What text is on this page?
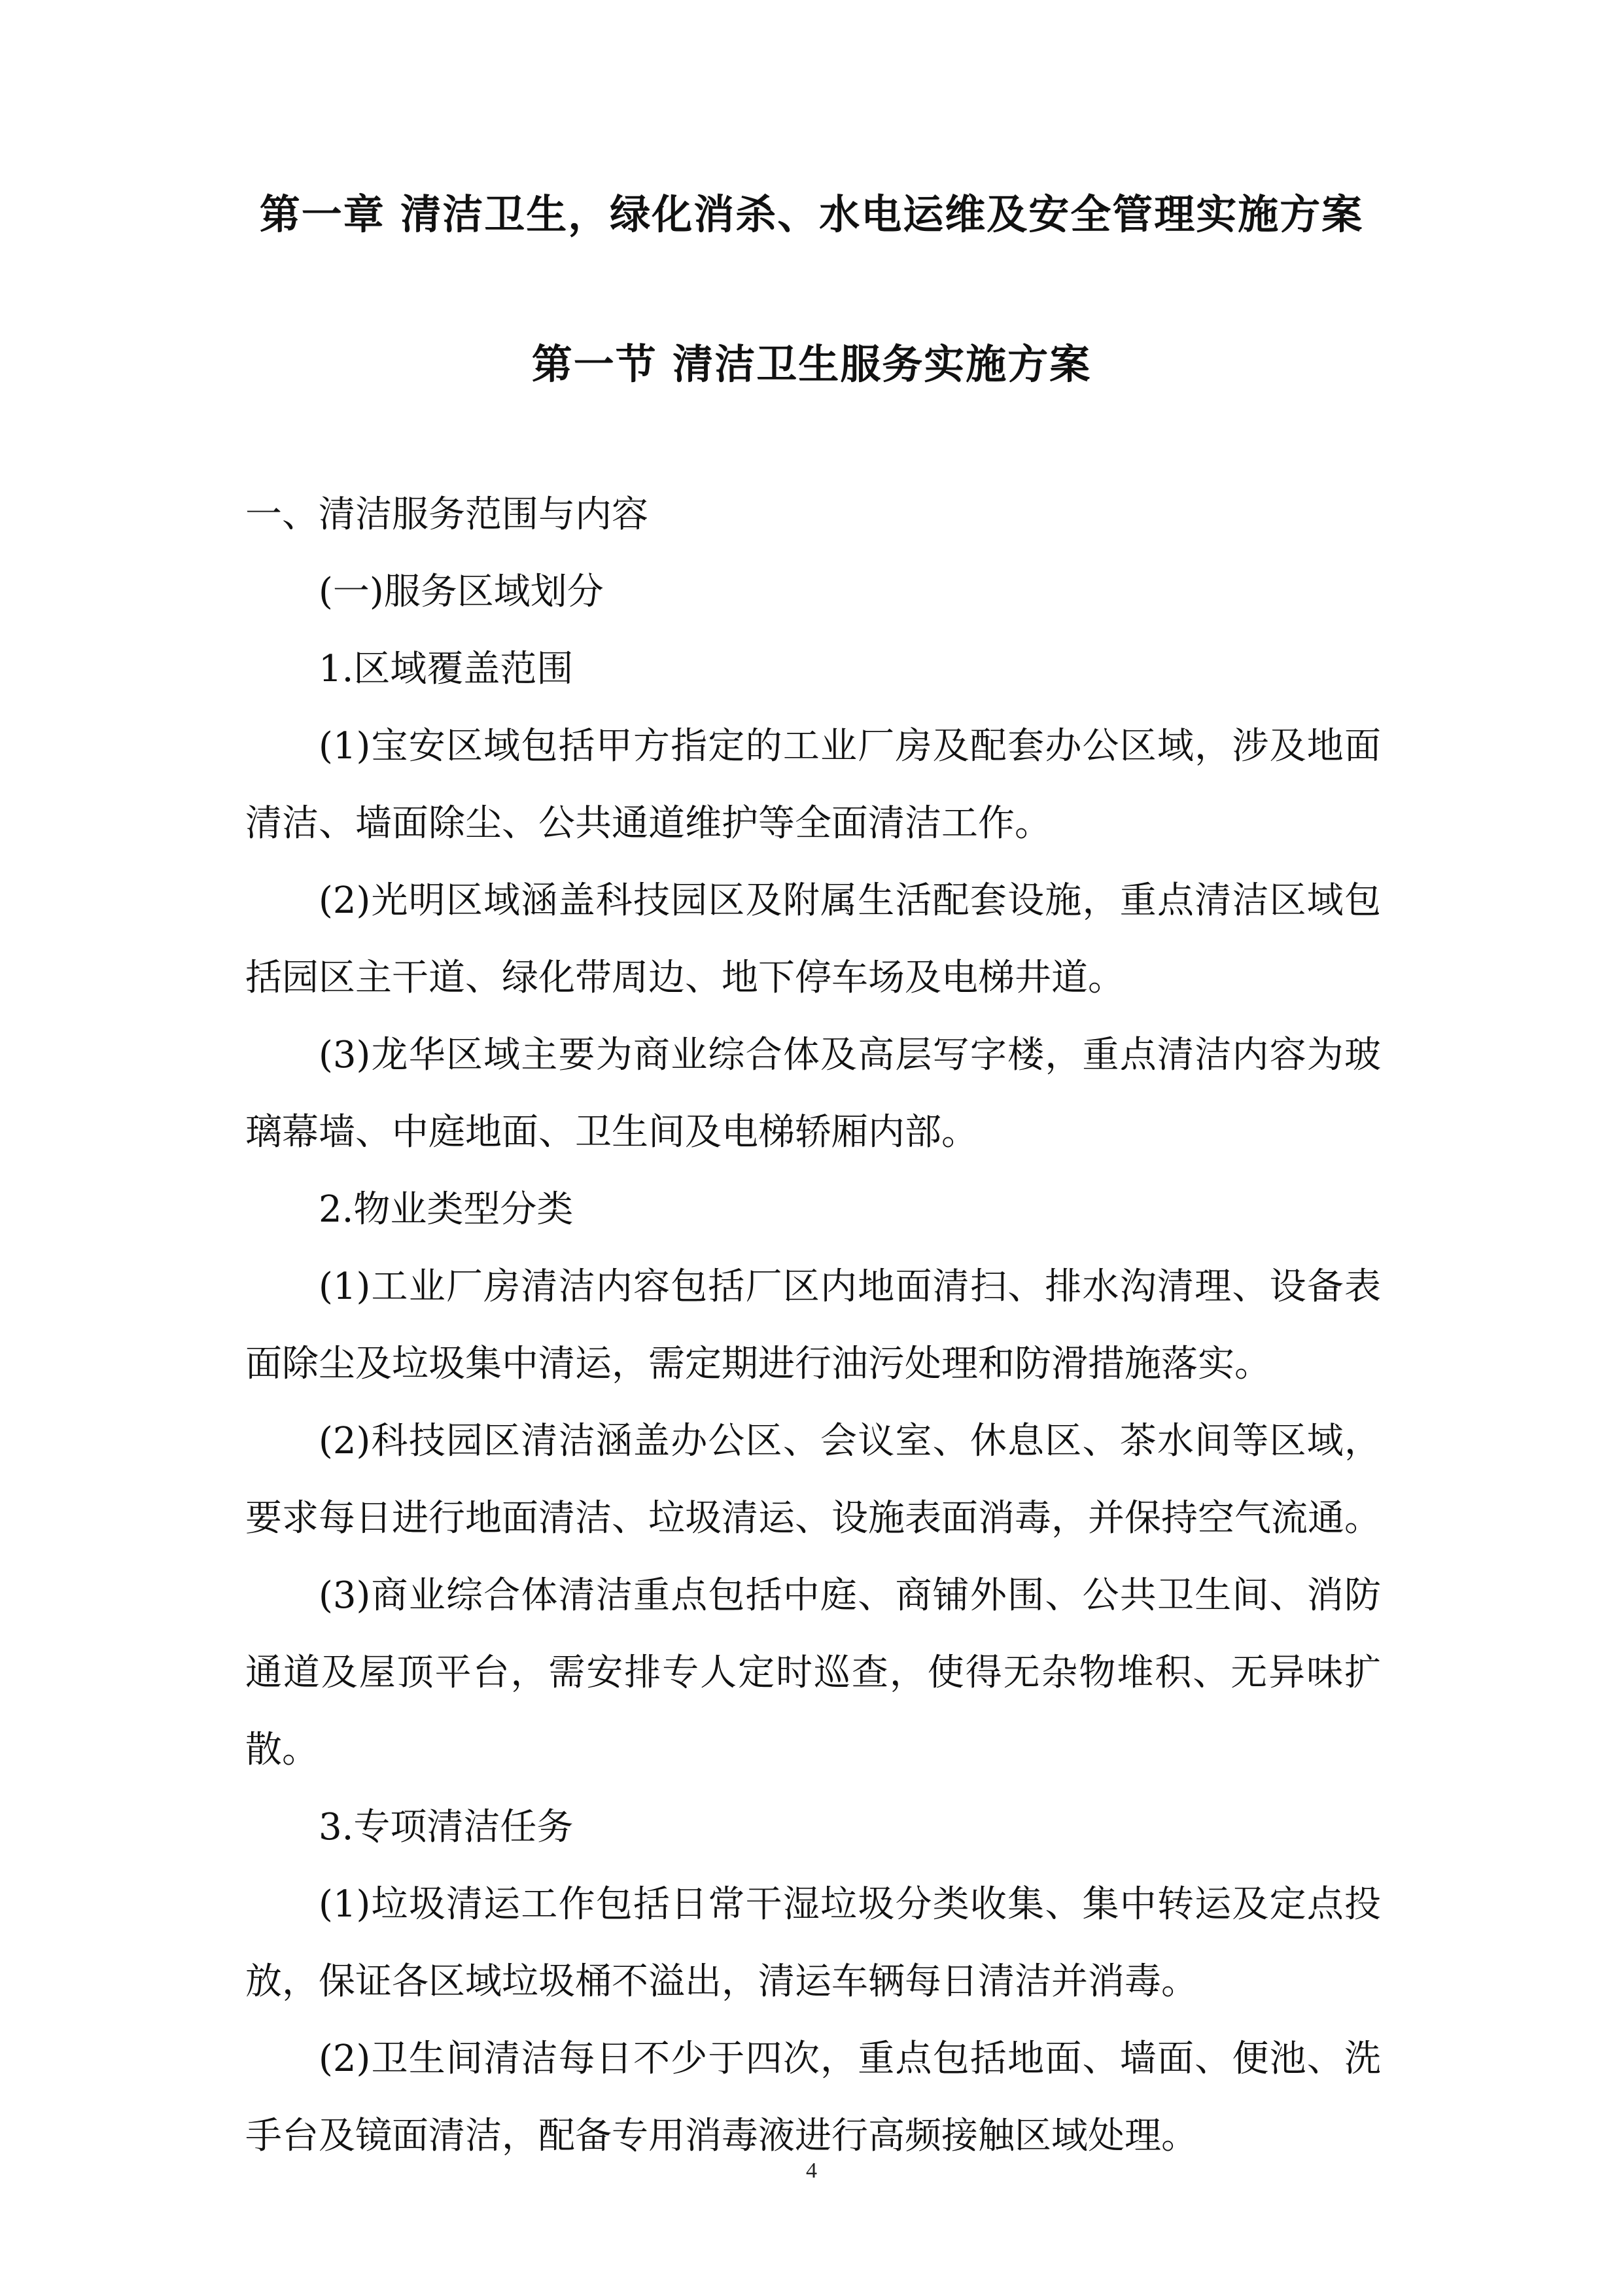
第一章 清洁卫生，绿化消杀、水电运维及安全管理实施方案
第一节 清洁卫生服务实施方案

一、清洁服务范围与内容

(一)服务区域划分

1.区域覆盖范围

(1)宝安区域包括甲方指定的工业厂房及配套办公区域，涉及地面清洁、墙面除尘、公共通道维护等全面清洁工作。

(2)光明区域涵盖科技园区及附属生活配套设施，重点清洁区域包括园区主干道、绿化带周边、地下停车场及电梯井道。

(3)龙华区域主要为商业综合体及高层写字楼，重点清洁内容为玻璃幕墙、中庭地面、卫生间及电梯轿厢内部。

2.物业类型分类

(1)工业厂房清洁内容包括厂区内地面清扫、排水沟清理、设备表面除尘及垃圾集中清运，需定期进行油污处理和防滑措施落实。

(2)科技园区清洁涵盖办公区、会议室、休息区、茶水间等区域，要求每日进行地面清洁、垃圾清运、设施表面消毒，并保持空气流通。

(3)商业综合体清洁重点包括中庭、商铺外围、公共卫生间、消防通道及屋顶平台，需安排专人定时巡查，使得无杂物堆积、无异味扩散。

3.专项清洁任务

(1)垃圾清运工作包括日常干湿垃圾分类收集、集中转运及定点投放，保证各区域垃圾桶不溢出，清运车辆每日清洁并消毒。

(2)卫生间清洁每日不少于四次，重点包括地面、墙面、便池、洗手台及镜面清洁，配备专用消毒液进行高频接触区域处理。

4
